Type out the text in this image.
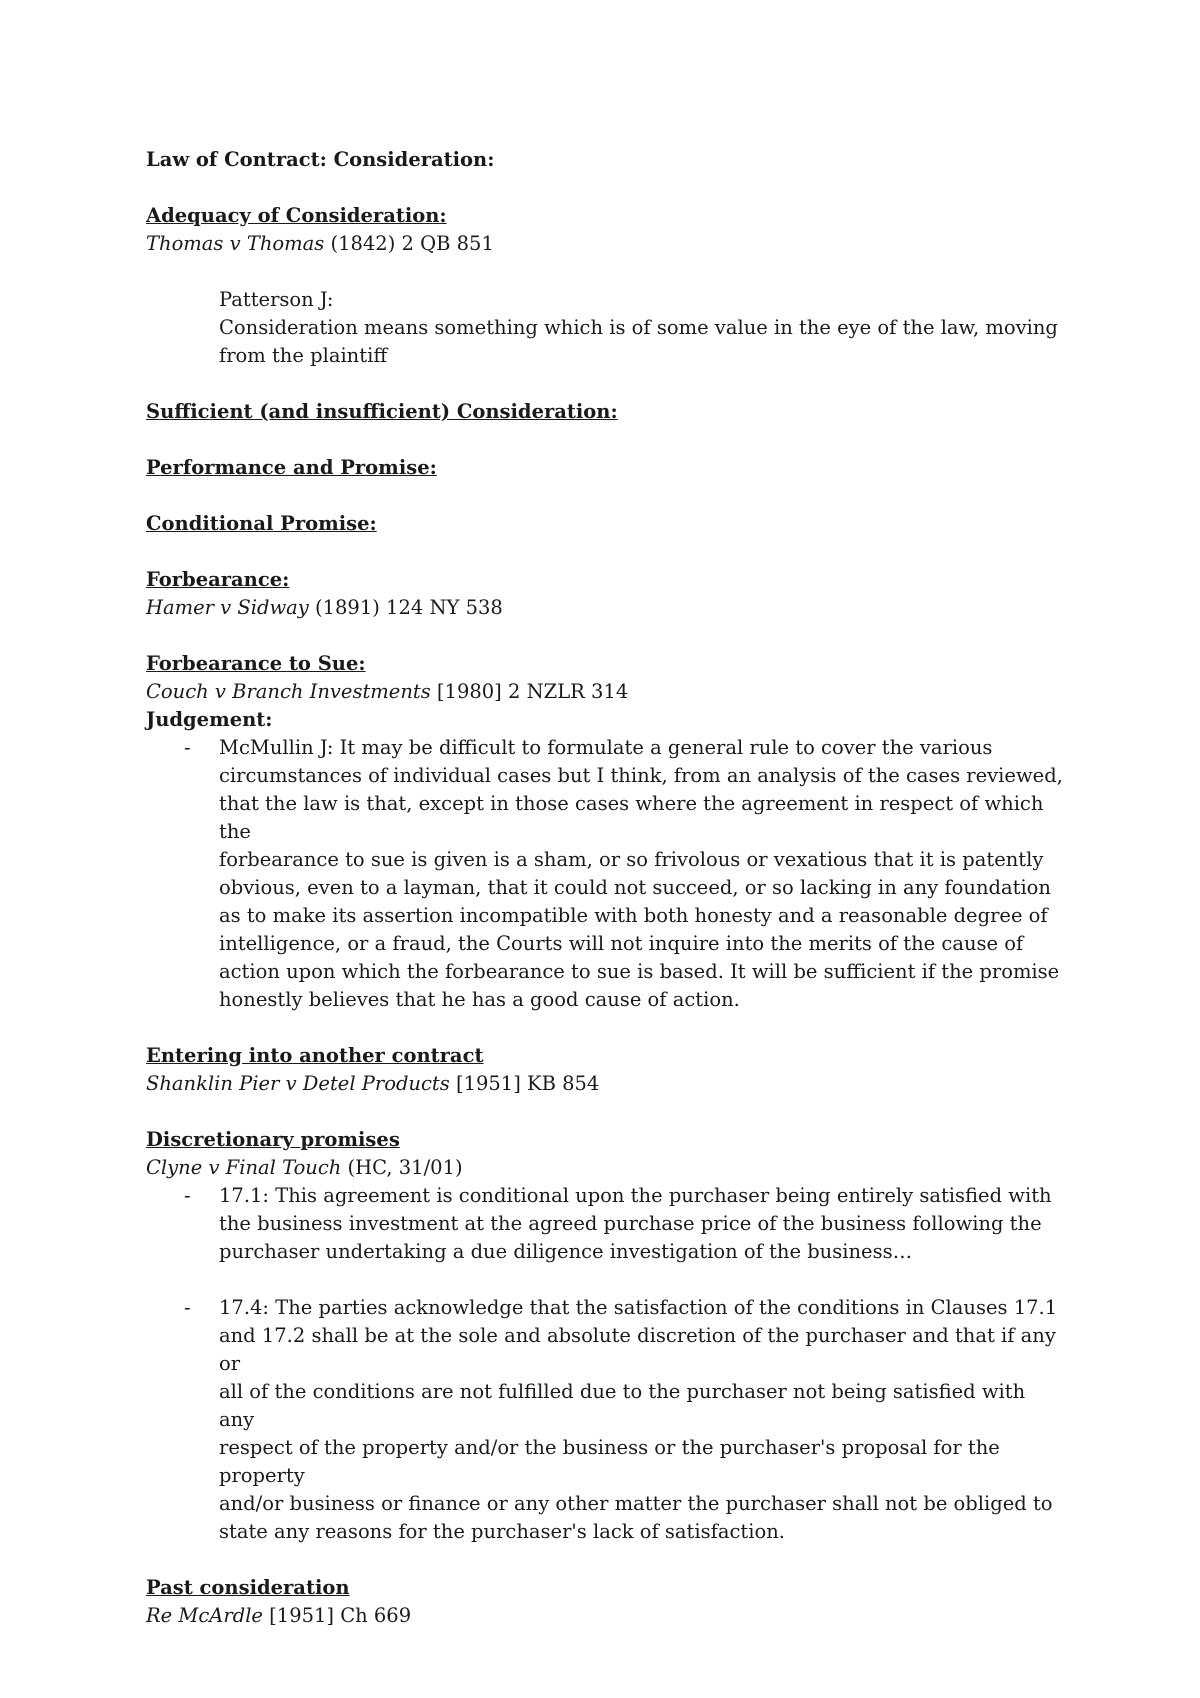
Law of Contract: Consideration:

Adequacy of Consideration:

Thomas v Thomas (1842) 2 QB 851

Patterson J:

Consideration means something which is of some value in the eye of the law, moving

from the plaintiff

Sufficient (and insufficient) Consideration:

Performance and Promise:

Conditional Promise:

Forbearance:

Hamer v Sidway (1891) 124 NY 538

Forbearance to Sue:

Couch v Branch Investments [1980] 2 NZLR 314

Judgement:

- McMullin J: It may be difficult to formulate a general rule to cover the various

circumstances of individual cases but I think, from an analysis of the cases reviewed,

that the law is that, except in those cases where the agreement in respect of which the

forbearance to sue is given is a sham, or so frivolous or vexatious that it is patently

obvious, even to a layman, that it could not succeed, or so lacking in any foundation

as to make its assertion incompatible with both honesty and a reasonable degree of

intelligence, or a fraud, the Courts will not inquire into the merits of the cause of

action upon which the forbearance to sue is based. It will be sufficient if the promise

honestly believes that he has a good cause of action.

Entering into another contract

Shanklin Pier v Detel Products [1951] KB 854

Discretionary promises

Clyne v Final Touch (HC, 31/01)

- 17.1: This agreement is conditional upon the purchaser being entirely satisfied with

the business investment at the agreed purchase price of the business following the

purchaser undertaking a due diligence investigation of the business…

- 17.4: The parties acknowledge that the satisfaction of the conditions in Clauses 17.1

and 17.2 shall be at the sole and absolute discretion of the purchaser and that if any or

all of the conditions are not fulfilled due to the purchaser not being satisfied with any

respect of the property and/or the business or the purchaser's proposal for the property

and/or business or finance or any other matter the purchaser shall not be obliged to

state any reasons for the purchaser's lack of satisfaction.

Past consideration

Re McArdle [1951] Ch 669
